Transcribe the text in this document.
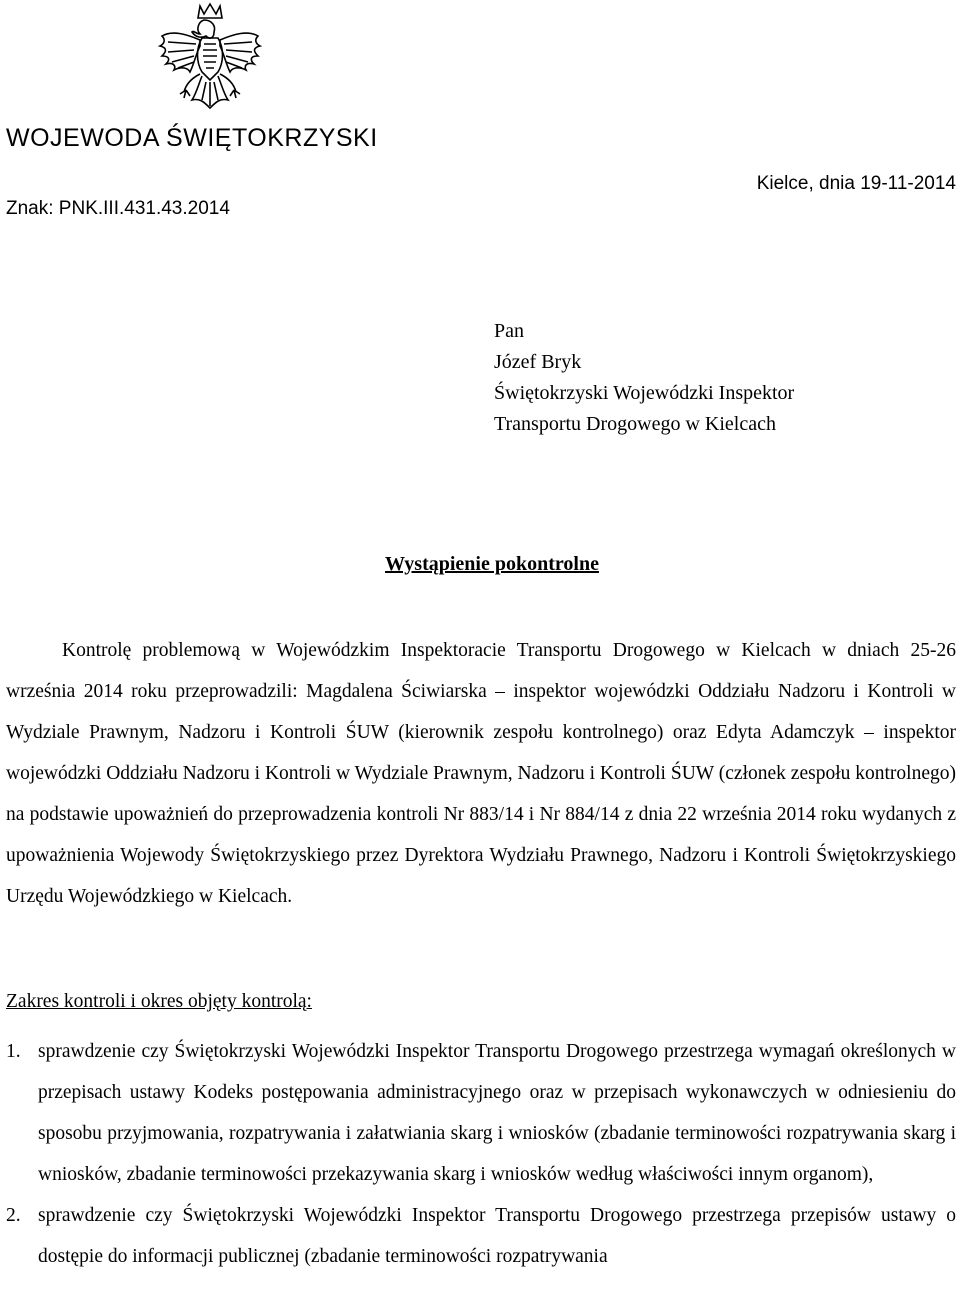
WOJEWODA ŚWIĘTOKRZYSKI
Znak: PNK.III.431.43.2014
Kielce, dnia 19-11-2014
Pan
Józef Bryk
Świętokrzyski Wojewódzki Inspektor
Transportu Drogowego w Kielcach
Wystąpienie pokontrolne
Kontrolę problemową w Wojewódzkim Inspektoracie Transportu Drogowego w Kielcach w dniach 25-26 września 2014 roku przeprowadzili: Magdalena Ściwiarska – inspektor wojewódzki Oddziału Nadzoru i Kontroli w Wydziale Prawnym, Nadzoru i Kontroli ŚUW (kierownik zespołu kontrolnego) oraz Edyta Adamczyk – inspektor wojewódzki Oddziału Nadzoru i Kontroli w Wydziale Prawnym, Nadzoru i Kontroli ŚUW (członek zespołu kontrolnego) na podstawie upoważnień do przeprowadzenia kontroli Nr 883/14 i Nr 884/14 z dnia 22 września 2014 roku wydanych z upoważnienia Wojewody Świętokrzyskiego przez Dyrektora Wydziału Prawnego, Nadzoru i Kontroli Świętokrzyskiego Urzędu Wojewódzkiego w Kielcach.
Zakres kontroli i okres objęty kontrolą:
1. sprawdzenie czy Świętokrzyski Wojewódzki Inspektor Transportu Drogowego przestrzega wymagań określonych w przepisach ustawy Kodeks postępowania administracyjnego oraz w przepisach wykonawczych w odniesieniu do sposobu przyjmowania, rozpatrywania i załatwiania skarg i wniosków (zbadanie terminowości rozpatrywania skarg i wniosków, zbadanie terminowości przekazywania skarg i wniosków według właściwości innym organom),
2. sprawdzenie czy Świętokrzyski Wojewódzki Inspektor Transportu Drogowego przestrzega przepisów ustawy o dostępie do informacji publicznej (zbadanie terminowości rozpatrywania
